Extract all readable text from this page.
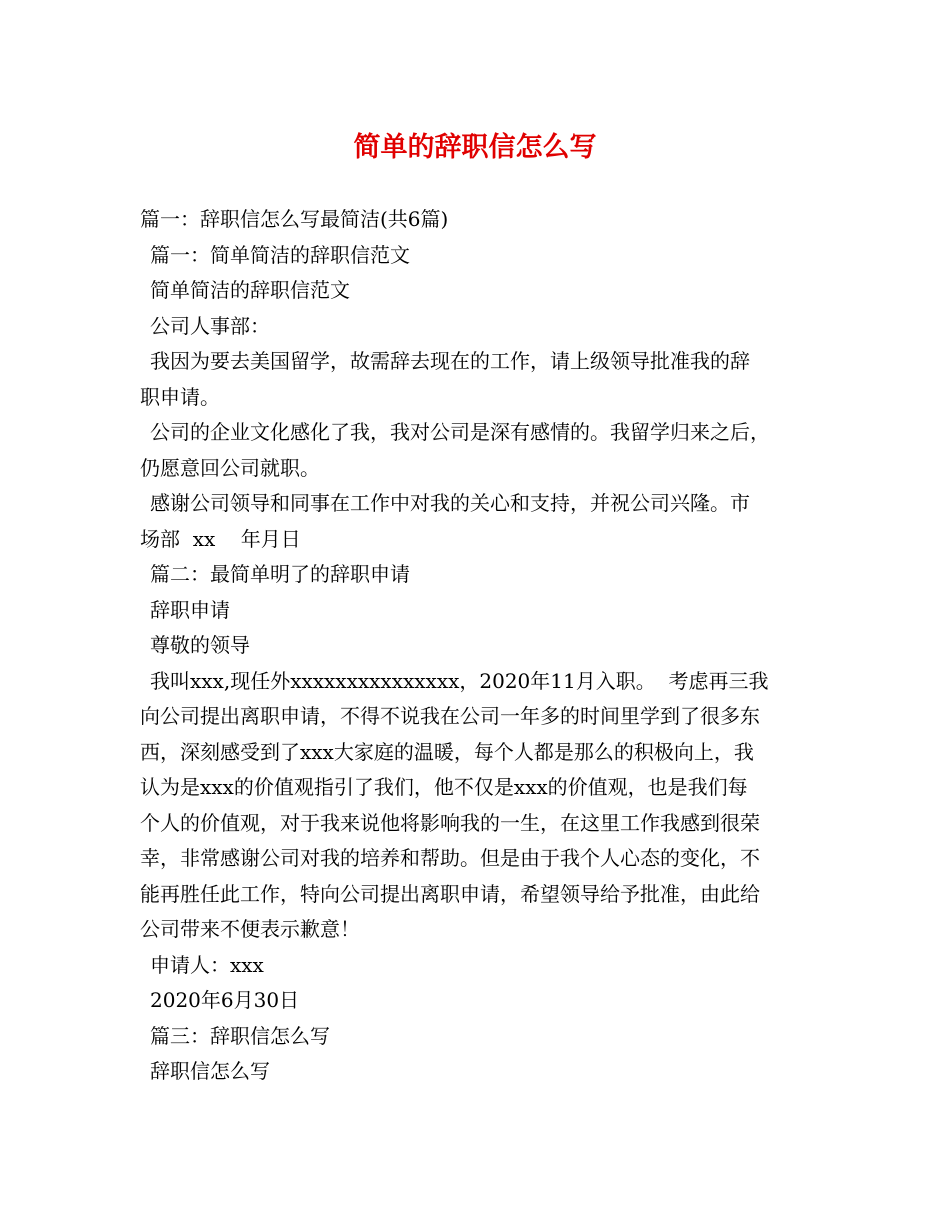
简单的辞职信怎么写

篇一：辞职信怎么写最简洁(共6篇)

篇一：简单简洁的辞职信范文

简单简洁的辞职信范文

公司人事部：

我因为要去美国留学，故需辞去现在的工作，请上级领导批准我的辞

职申请。

公司的企业文化感化了我，我对公司是深有感情的。我留学归来之后，

仍愿意回公司就职。

感谢公司领导和同事在工作中对我的关心和支持，并祝公司兴隆。市

场部  xx    年月日

篇二：最简单明了的辞职申请

辞职申请

尊敬的领导

我叫xxx,现任外xxxxxxxxxxxxxxx，2020年11月入职。  考虑再三我

向公司提出离职申请，不得不说我在公司一年多的时间里学到了很多东

西，深刻感受到了xxx大家庭的温暖，每个人都是那么的积极向上，我

认为是xxx的价值观指引了我们，他不仅是xxx的价值观，也是我们每

个人的价值观，对于我来说他将影响我的一生，在这里工作我感到很荣

幸，非常感谢公司对我的培养和帮助。但是由于我个人心态的变化，不

能再胜任此工作，特向公司提出离职申请，希望领导给予批准，由此给

公司带来不便表示歉意！

申请人：xxx

2020年6月30日

篇三：辞职信怎么写

辞职信怎么写
